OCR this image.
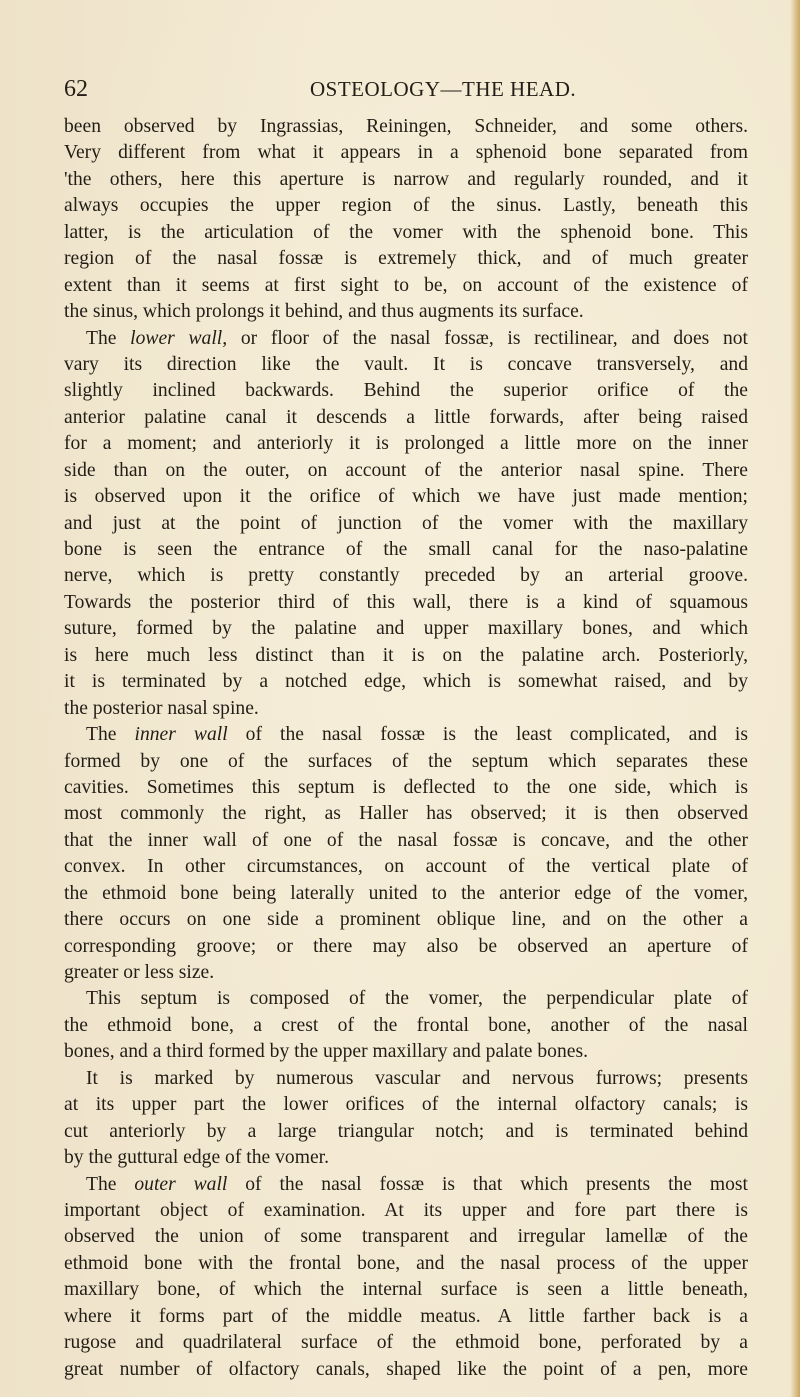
62	OSTEOLOGY—THE HEAD.
been observed by Ingrassias, Reiningen, Schneider, and some others.
Very different from what it appears in a sphenoid bone separated from
'the others, here this aperture is narrow and regularly rounded, and it
always occupies the upper region of the sinus. Lastly, beneath this
latter, is the articulation of the vomer with the sphenoid bone. This
region of the nasal fossæ is extremely thick, and of much greater
extent than it seems at first sight to be, on account of the existence of
the sinus, which prolongs it behind, and thus augments its surface.
The lower wall, or floor of the nasal fossæ, is rectilinear, and does not
vary its direction like the vault. It is concave transversely, and
slightly inclined backwards. Behind the superior orifice of the
anterior palatine canal it descends a little forwards, after being raised
for a moment; and anteriorly it is prolonged a little more on the inner
side than on the outer, on account of the anterior nasal spine. There
is observed upon it the orifice of which we have just made mention;
and just at the point of junction of the vomer with the maxillary
bone is seen the entrance of the small canal for the naso-palatine
nerve, which is pretty constantly preceded by an arterial groove.
Towards the posterior third of this wall, there is a kind of squamous
suture, formed by the palatine and upper maxillary bones, and which
is here much less distinct than it is on the palatine arch. Posteriorly,
it is terminated by a notched edge, which is somewhat raised, and by
the posterior nasal spine.
The inner wall of the nasal fossæ is the least complicated, and is
formed by one of the surfaces of the septum which separates these
cavities. Sometimes this septum is deflected to the one side, which is
most commonly the right, as Haller has observed; it is then observed
that the inner wall of one of the nasal fossæ is concave, and the other
convex. In other circumstances, on account of the vertical plate of
the ethmoid bone being laterally united to the anterior edge of the vomer,
there occurs on one side a prominent oblique line, and on the other a
corresponding groove; or there may also be observed an aperture of
greater or less size.
This septum is composed of the vomer, the perpendicular plate of
the ethmoid bone, a crest of the frontal bone, another of the nasal
bones, and a third formed by the upper maxillary and palate bones.
It is marked by numerous vascular and nervous furrows; presents
at its upper part the lower orifices of the internal olfactory canals; is
cut anteriorly by a large triangular notch; and is terminated behind
by the guttural edge of the vomer.
The outer wall of the nasal fossæ is that which presents the most
important object of examination. At its upper and fore part there is
observed the union of some transparent and irregular lamellæ of the
ethmoid bone with the frontal bone, and the nasal process of the upper
maxillary bone, of which the internal surface is seen a little beneath,
where it forms part of the middle meatus. A little farther back is a
rugose and quadrilateral surface of the ethmoid bone, perforated by a
great number of olfactory canals, shaped like the point of a pen, more
